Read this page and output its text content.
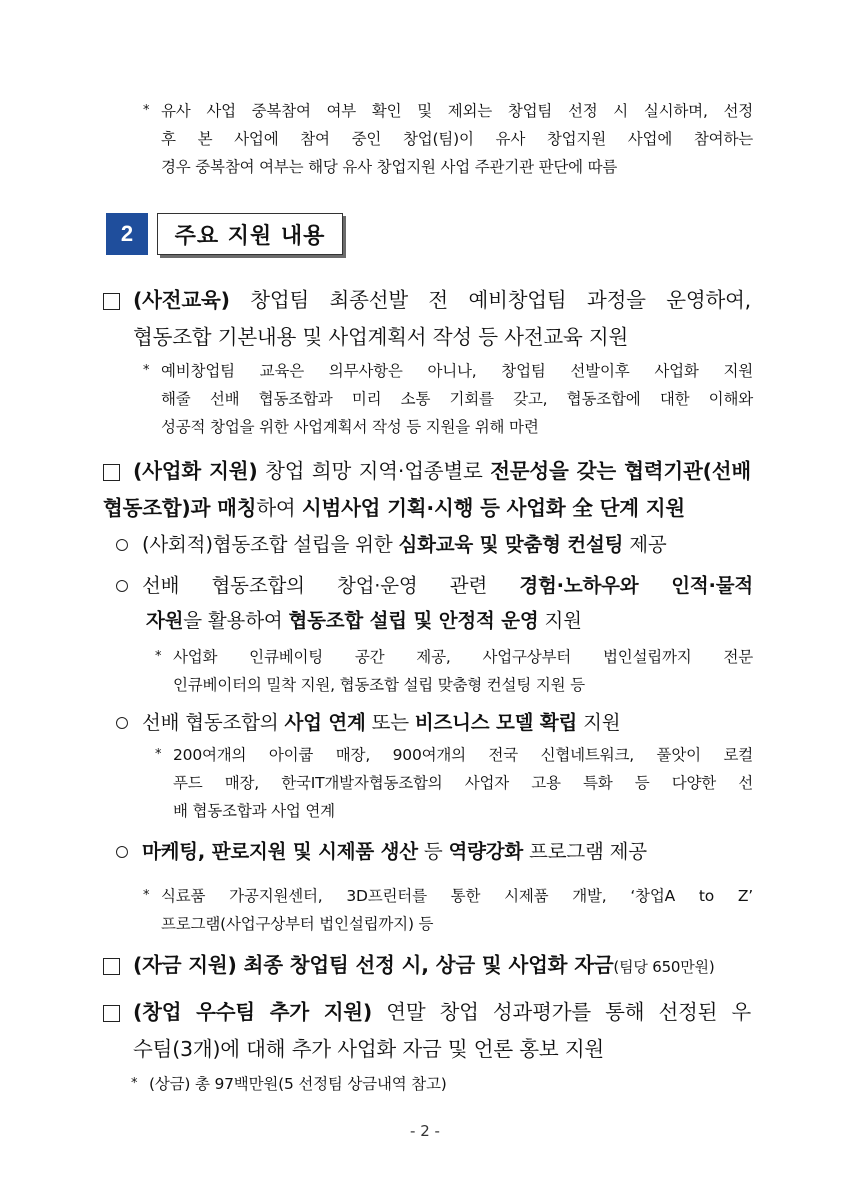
* 유사 사업 중복참여 여부 확인 및 제외는 창업팀 선정 시 실시하며, 선정
후 본 사업에 참여 중인 창업(팀)이 유사 창업지원 사업에 참여하는
경우 중복참여 여부는 해당 유사 창업지원 사업 주관기관 판단에 따름
2	주요 지원 내용
(사전교육) 창업팀 최종선발 전 예비창업팀 과정을 운영하여,
협동조합 기본내용 및 사업계획서 작성 등 사전교육 지원
* 예비창업팀 교육은 의무사항은 아니나, 창업팀 선발이후 사업화 지원
해줄 선배 협동조합과 미리 소통 기회를 갖고, 협동조합에 대한 이해와
성공적 창업을 위한 사업계획서 작성 등 지원을 위해 마련
(사업화 지원) 창업 희망 지역·업종별로 전문성을 갖는 협력기관(선배
협동조합)과 매칭하여 시범사업 기획·시행 등 사업화 全 단계 지원
(사회적)협동조합 설립을 위한 심화교육 및 맞춤형 컨설팅 제공
선배 협동조합의 창업·운영 관련 경험·노하우와 인적·물적
자원을 활용하여 협동조합 설립 및 안정적 운영 지원
* 사업화 인큐베이팅 공간 제공, 사업구상부터 법인설립까지 전문
인큐베이터의 밀착 지원, 협동조합 설립 맞춤형 컨설팅 지원 등
선배 협동조합의 사업 연계 또는 비즈니스 모델 확립 지원
* 200여개의 아이쿱 매장, 900여개의 전국 신협네트워크, 풀앗이 로컬
푸드 매장, 한국IT개발자협동조합의 사업자 고용 특화 등 다양한 선
배 협동조합과 사업 연계
마케팅, 판로지원 및 시제품 생산 등 역량강화 프로그램 제공
* 식료품 가공지원센터, 3D프린터를 통한 시제품 개발, ‘창업A to Z’
프로그램(사업구상부터 법인설립까지) 등
(자금 지원) 최종 창업팀 선정 시, 상금 및 사업화 자금(팀당 650만원)
(창업 우수팀 추가 지원) 연말 창업 성과평가를 통해 선정된 우
수팀(3개)에 대해 추가 사업화 자금 및 언론 홍보 지원
* (상금) 총 97백만원(5 선정팀 상금내역 참고)
- 2 -
